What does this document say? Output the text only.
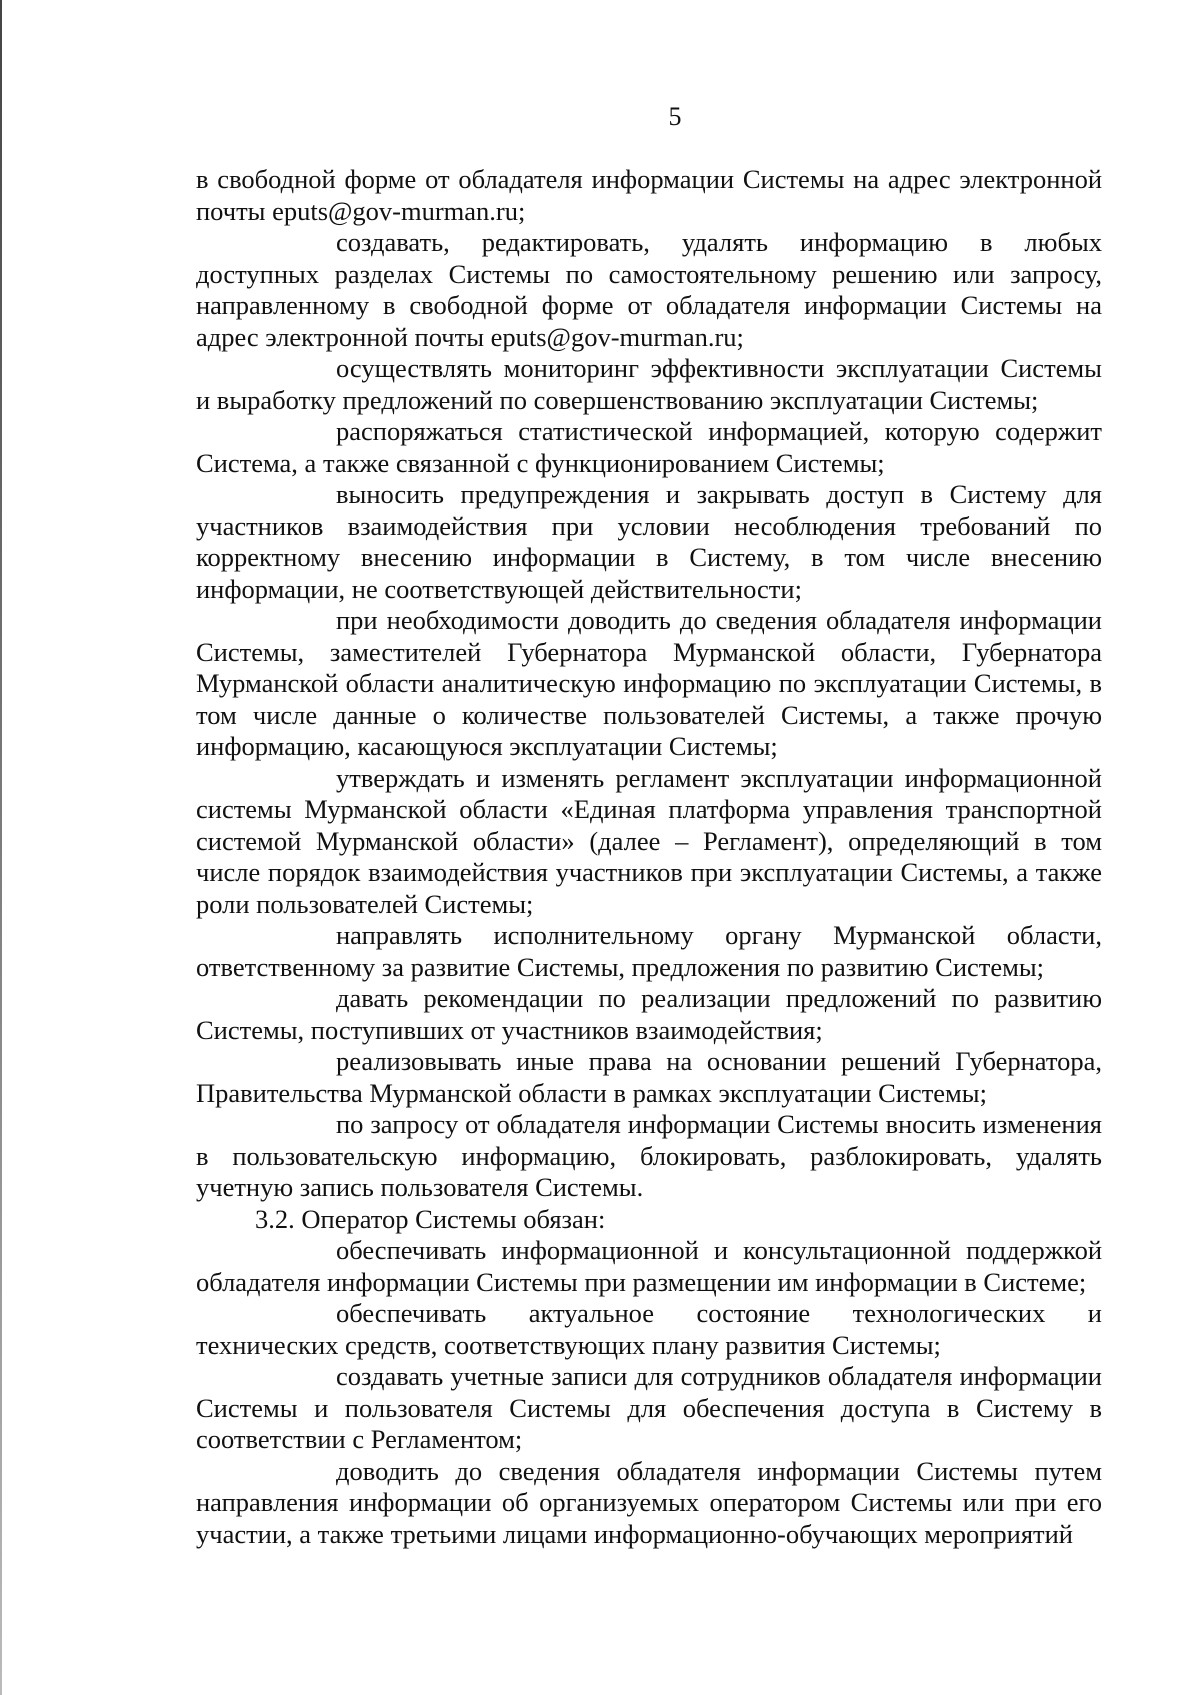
5

в свободной форме от обладателя информации Системы на адрес электронной почты eputs@gov-murman.ru;

создавать, редактировать, удалять информацию в любых доступных разделах Системы по самостоятельному решению или запросу, направленному в свободной форме от обладателя информации Системы на адрес электронной почты eputs@gov-murman.ru;

осуществлять мониторинг эффективности эксплуатации Системы и выработку предложений по совершенствованию эксплуатации Системы;

распоряжаться статистической информацией, которую содержит Система, а также связанной с функционированием Системы;

выносить предупреждения и закрывать доступ в Систему для участников взаимодействия при условии несоблюдения требований по корректному внесению информации в Систему, в том числе внесению информации, не соответствующей действительности;

при необходимости доводить до сведения обладателя информации Системы, заместителей Губернатора Мурманской области, Губернатора Мурманской области аналитическую информацию по эксплуатации Системы, в том числе данные о количестве пользователей Системы, а также прочую информацию, касающуюся эксплуатации Системы;

утверждать и изменять регламент эксплуатации информационной системы Мурманской области «Единая платформа управления транспортной системой Мурманской области» (далее – Регламент), определяющий в том числе порядок взаимодействия участников при эксплуатации Системы, а также роли пользователей Системы;

направлять исполнительному органу Мурманской области, ответственному за развитие Системы, предложения по развитию Системы;

давать рекомендации по реализации предложений по развитию Системы, поступивших от участников взаимодействия;

реализовывать иные права на основании решений Губернатора, Правительства Мурманской области в рамках эксплуатации Системы;

по запросу от обладателя информации Системы вносить изменения в пользовательскую информацию, блокировать, разблокировать, удалять учетную запись пользователя Системы.

3.2. Оператор Системы обязан:

обеспечивать информационной и консультационной поддержкой обладателя информации Системы при размещении им информации в Системе;

обеспечивать актуальное состояние технологических и технических средств, соответствующих плану развития Системы;

создавать учетные записи для сотрудников обладателя информации Системы и пользователя Системы для обеспечения доступа в Систему в соответствии с Регламентом;

доводить до сведения обладателя информации Системы путем направления информации об организуемых оператором Системы или при его участии, а также третьими лицами информационно-обучающих мероприятий
